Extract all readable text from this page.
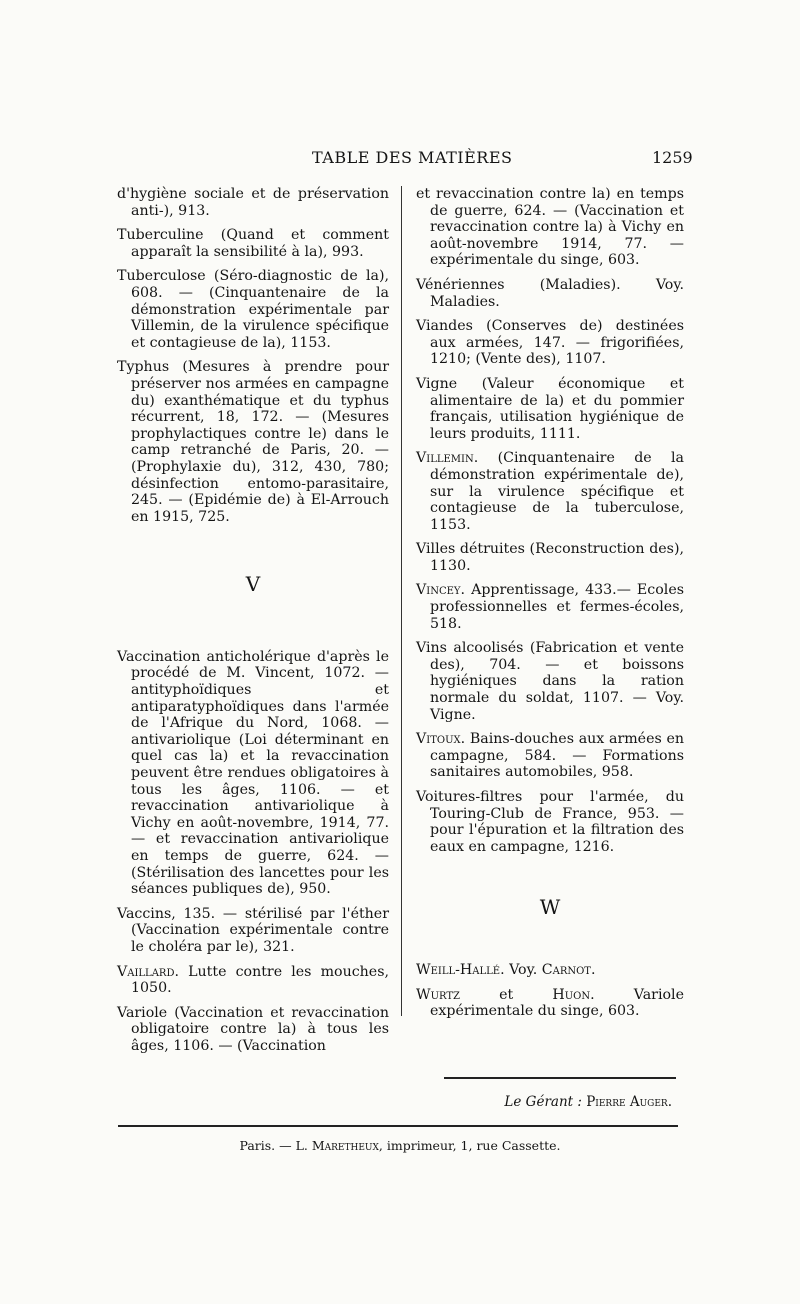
TABLE DES MATIÈRES	1259

d'hygiène sociale et de préservation anti-), 913.

Tuberculine (Quand et comment apparaît la sensibilité à la), 993.

Tuberculose (Séro-diagnostic de la), 608. — (Cinquantenaire de la démonstration expérimentale par Villemin, de la virulence spécifique et contagieuse de la), 1153.

Typhus (Mesures à prendre pour préserver nos armées en campagne du) exanthématique et du typhus récurrent, 18, 172. — (Mesures prophylactiques contre le) dans le camp retranché de Paris, 20. — (Prophylaxie du), 312, 430, 780; désinfection entomo-parasitaire, 245. — (Epidémie de) à El-Arrouch en 1915, 725.

V

Vaccination anticholérique d'après le procédé de M. Vincent, 1072. — antityphoïdiques et antiparatyphoïdiques dans l'armée de l'Afrique du Nord, 1068. — antivariolique (Loi déterminant en quel cas la) et la revaccination peuvent être rendues obligatoires à tous les âges, 1106. — et revaccination antivariolique à Vichy en août-novembre, 1914, 77. — et revaccination antivariolique en temps de guerre, 624. — (Stérilisation des lancettes pour les séances publiques de), 950.

Vaccins, 135. — stérilisé par l'éther (Vaccination expérimentale contre le choléra par le), 321.

Vaillard. Lutte contre les mouches, 1050.

Variole (Vaccination et revaccination obligatoire contre la) à tous les âges, 1106. — (Vaccination

et revaccination contre la) en temps de guerre, 624. — (Vaccination et revaccination contre la) à Vichy en août-novembre 1914, 77. — expérimentale du singe, 603.

Vénériennes (Maladies). Voy. Maladies.

Viandes (Conserves de) destinées aux armées, 147. — frigorifiées, 1210; (Vente des), 1107.

Vigne (Valeur économique et alimentaire de la) et du pommier français, utilisation hygiénique de leurs produits, 1111.

Villemin. (Cinquantenaire de la démonstration expérimentale de), sur la virulence spécifique et contagieuse de la tuberculose, 1153.

Villes détruites (Reconstruction des), 1130.

Vincey. Apprentissage, 433.— Ecoles professionnelles et fermes-écoles, 518.

Vins alcoolisés (Fabrication et vente des), 704. — et boissons hygiéniques dans la ration normale du soldat, 1107. — Voy. Vigne.

Vitoux. Bains-douches aux armées en campagne, 584. — Formations sanitaires automobiles, 958.

Voitures-filtres pour l'armée, du Touring-Club de France, 953. — pour l'épuration et la filtration des eaux en campagne, 1216.

W

Weill-Hallé. Voy. Carnot.

Wurtz et Huon. Variole expérimentale du singe, 603.

Le Gérant : Pierre Auger.
Paris. — L. Maretheux, imprimeur, 1, rue Cassette.
